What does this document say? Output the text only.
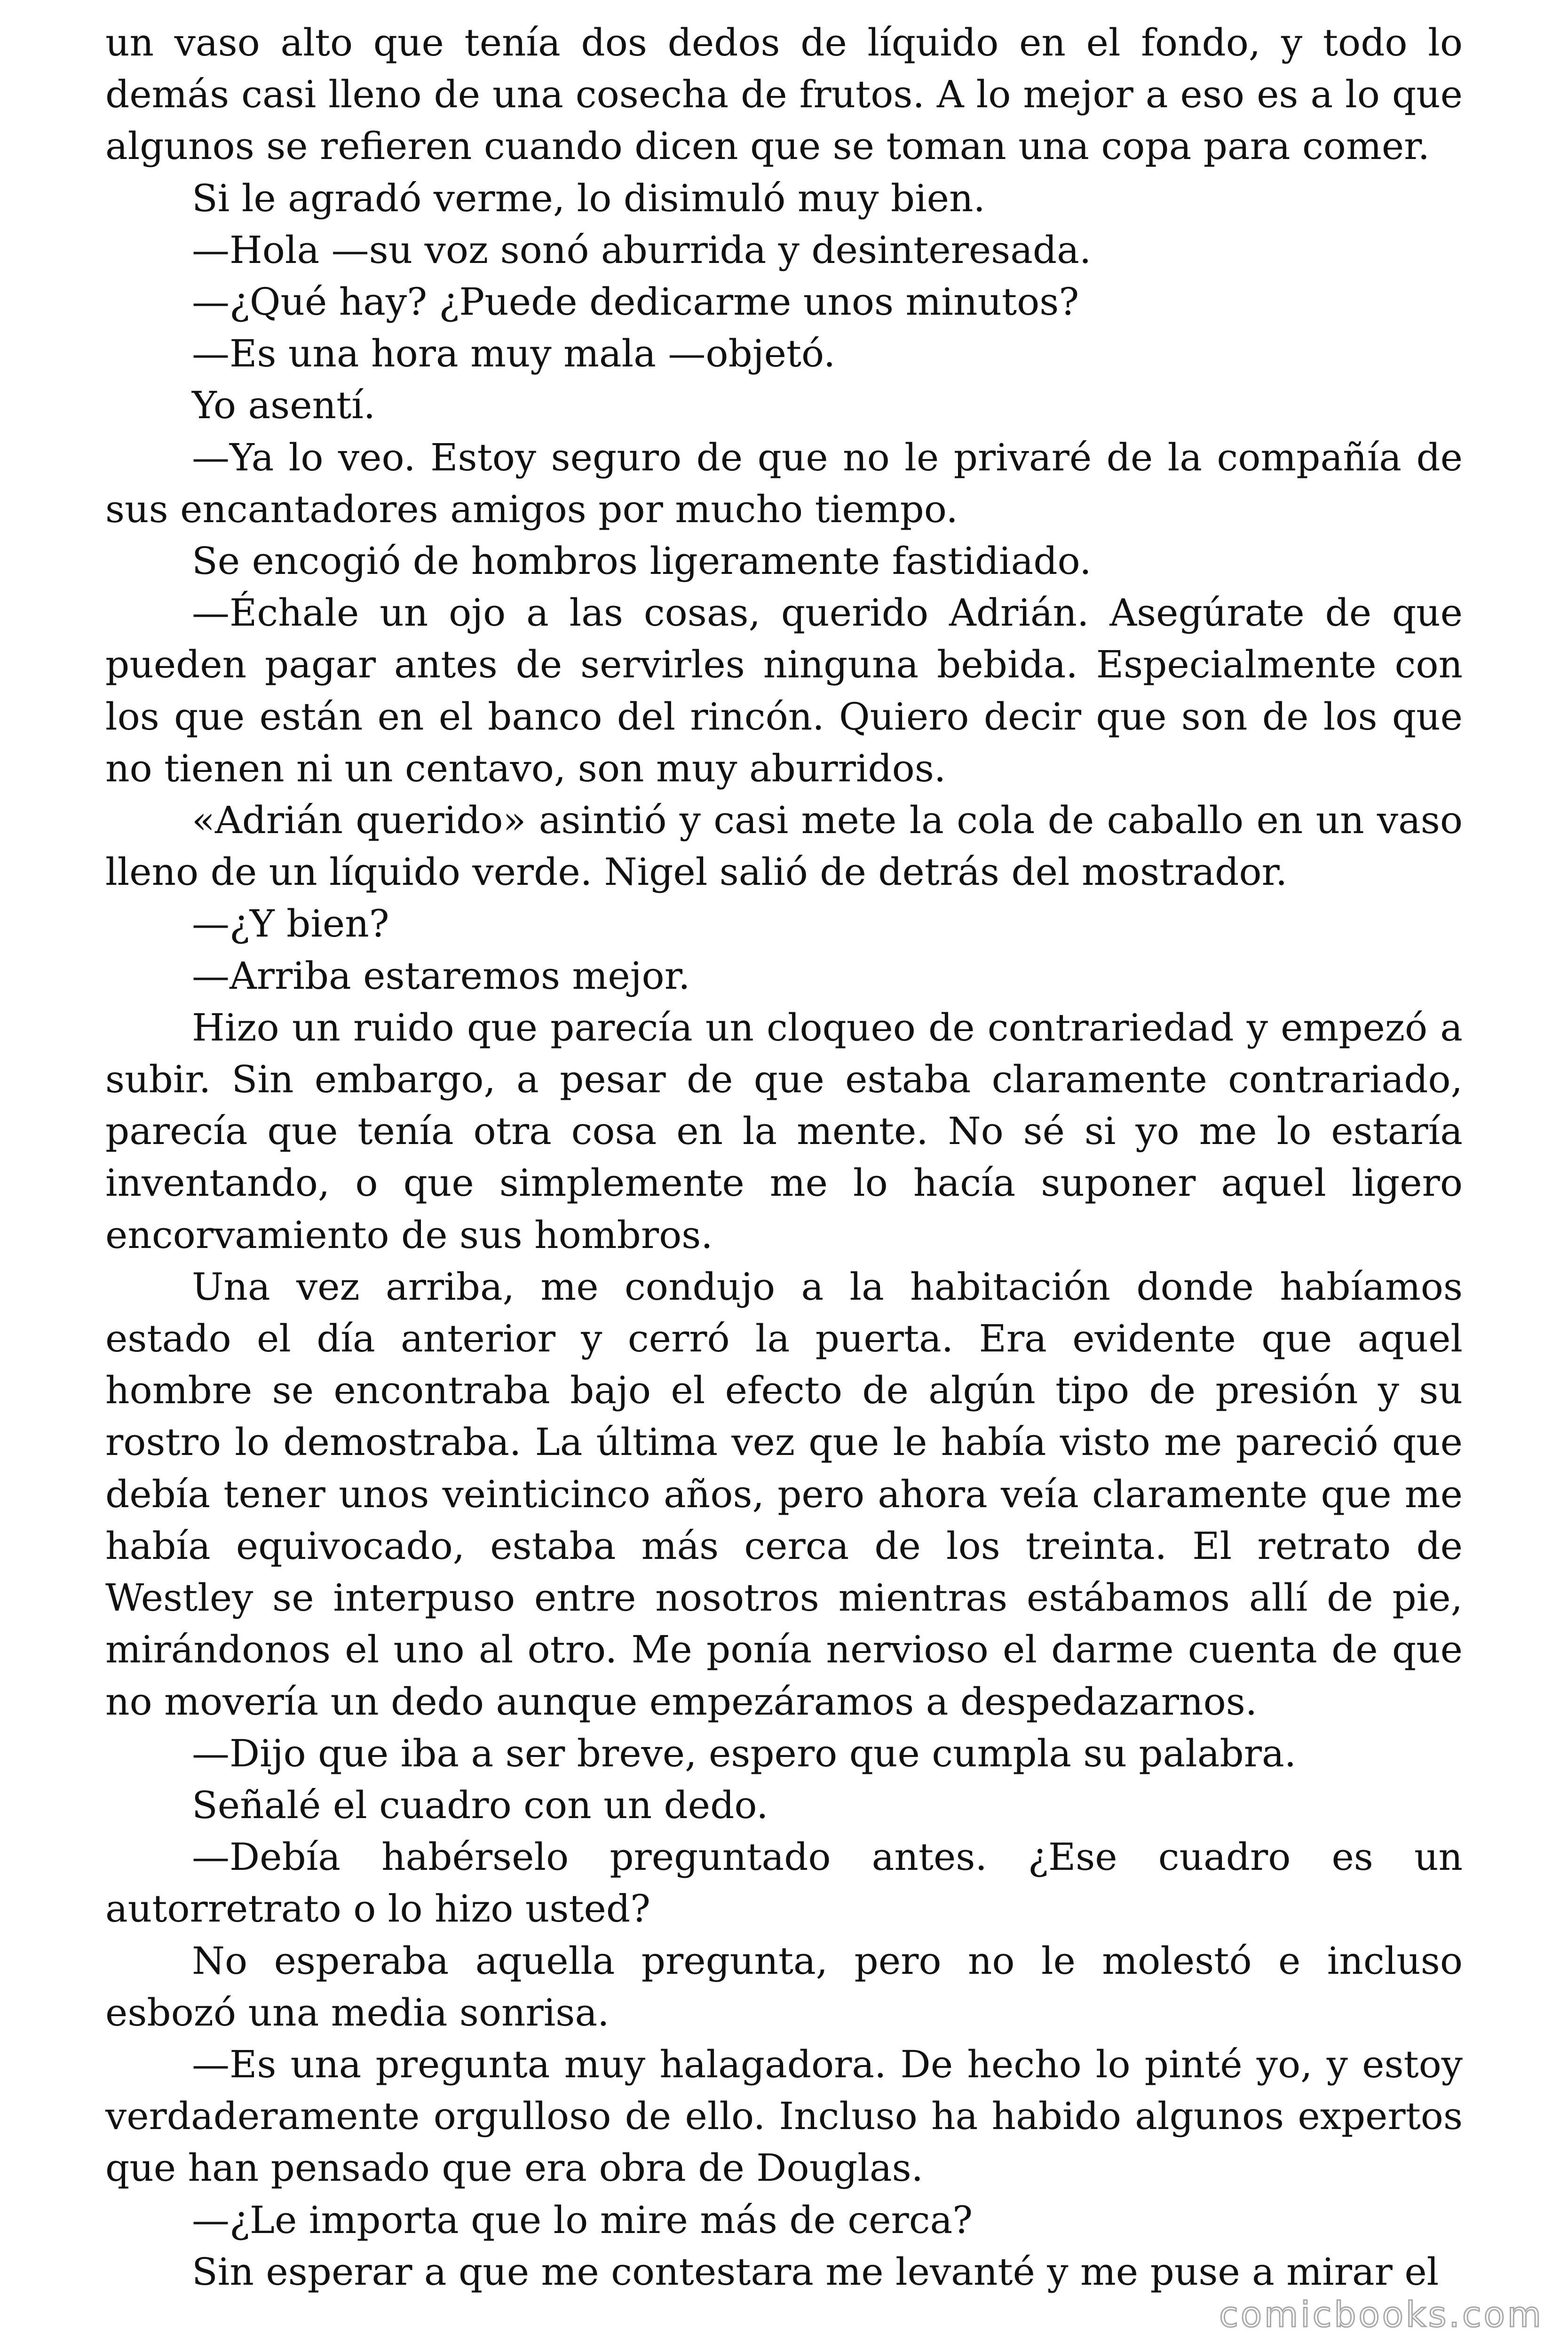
un vaso alto que tenía dos dedos de líquido en el fondo, y todo lo demás casi lleno de una cosecha de frutos. A lo mejor a eso es a lo que algunos se refieren cuando dicen que se toman una copa para comer.

Si le agradó verme, lo disimuló muy bien.

—Hola —su voz sonó aburrida y desinteresada.

—¿Qué hay? ¿Puede dedicarme unos minutos?

—Es una hora muy mala —objetó.

Yo asentí.

—Ya lo veo. Estoy seguro de que no le privaré de la compañía de sus encantadores amigos por mucho tiempo.

Se encogió de hombros ligeramente fastidiado.

—Échale un ojo a las cosas, querido Adrián. Asegúrate de que pueden pagar antes de servirles ninguna bebida. Especialmente con los que están en el banco del rincón. Quiero decir que son de los que no tienen ni un centavo, son muy aburridos.

«Adrián querido» asintió y casi mete la cola de caballo en un vaso lleno de un líquido verde. Nigel salió de detrás del mostrador.

—¿Y bien?

—Arriba estaremos mejor.

Hizo un ruido que parecía un cloqueo de contrariedad y empezó a subir. Sin embargo, a pesar de que estaba claramente contrariado, parecía que tenía otra cosa en la mente. No sé si yo me lo estaría inventando, o que simplemente me lo hacía suponer aquel ligero encorvamiento de sus hombros.

Una vez arriba, me condujo a la habitación donde habíamos estado el día anterior y cerró la puerta. Era evidente que aquel hombre se encontraba bajo el efecto de algún tipo de presión y su rostro lo demostraba. La última vez que le había visto me pareció que debía tener unos veinticinco años, pero ahora veía claramente que me había equivocado, estaba más cerca de los treinta. El retrato de Westley se interpuso entre nosotros mientras estábamos allí de pie, mirándonos el uno al otro. Me ponía nervioso el darme cuenta de que no movería un dedo aunque empezáramos a despedazarnos.

—Dijo que iba a ser breve, espero que cumpla su palabra.

Señalé el cuadro con un dedo.

—Debía habérselo preguntado antes. ¿Ese cuadro es un autorretrato o lo hizo usted?

No esperaba aquella pregunta, pero no le molestó e incluso esbozó una media sonrisa.

—Es una pregunta muy halagadora. De hecho lo pinté yo, y estoy verdaderamente orgulloso de ello. Incluso ha habido algunos expertos que han pensado que era obra de Douglas.

—¿Le importa que lo mire más de cerca?

Sin esperar a que me contestara me levanté y me puse a mirar el

comicbooks.com
